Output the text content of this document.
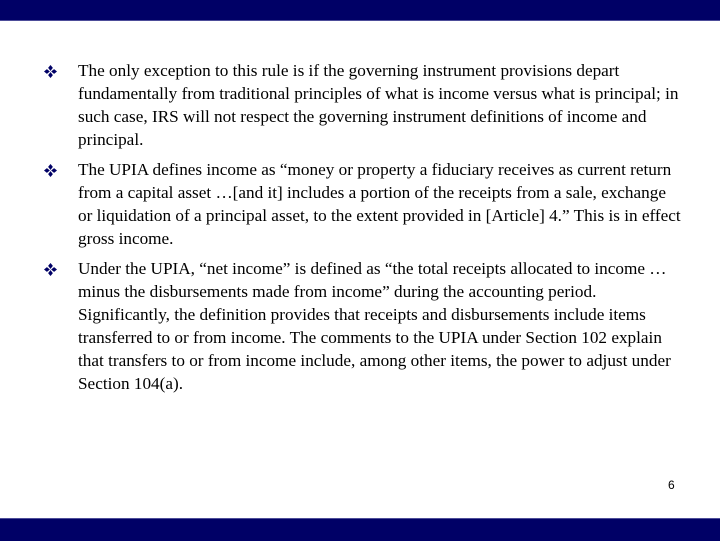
The only exception to this rule is if the governing instrument provisions depart fundamentally from traditional principles of what is income versus what is principal; in such case, IRS will not respect the governing instrument definitions of income and principal.
The UPIA defines income as “money or property a fiduciary receives as current return from a capital asset …[and it] includes a portion of the receipts from a sale, exchange or liquidation of a principal asset, to the extent provided in [Article] 4.” This is in effect gross income.
Under the UPIA, “net income” is defined as “the total receipts allocated to income … minus the disbursements made from income” during the accounting period. Significantly, the definition provides that receipts and disbursements include items transferred to or from income. The comments to the UPIA under Section 102 explain that transfers to or from income include, among other items, the power to adjust under Section 104(a).
6
